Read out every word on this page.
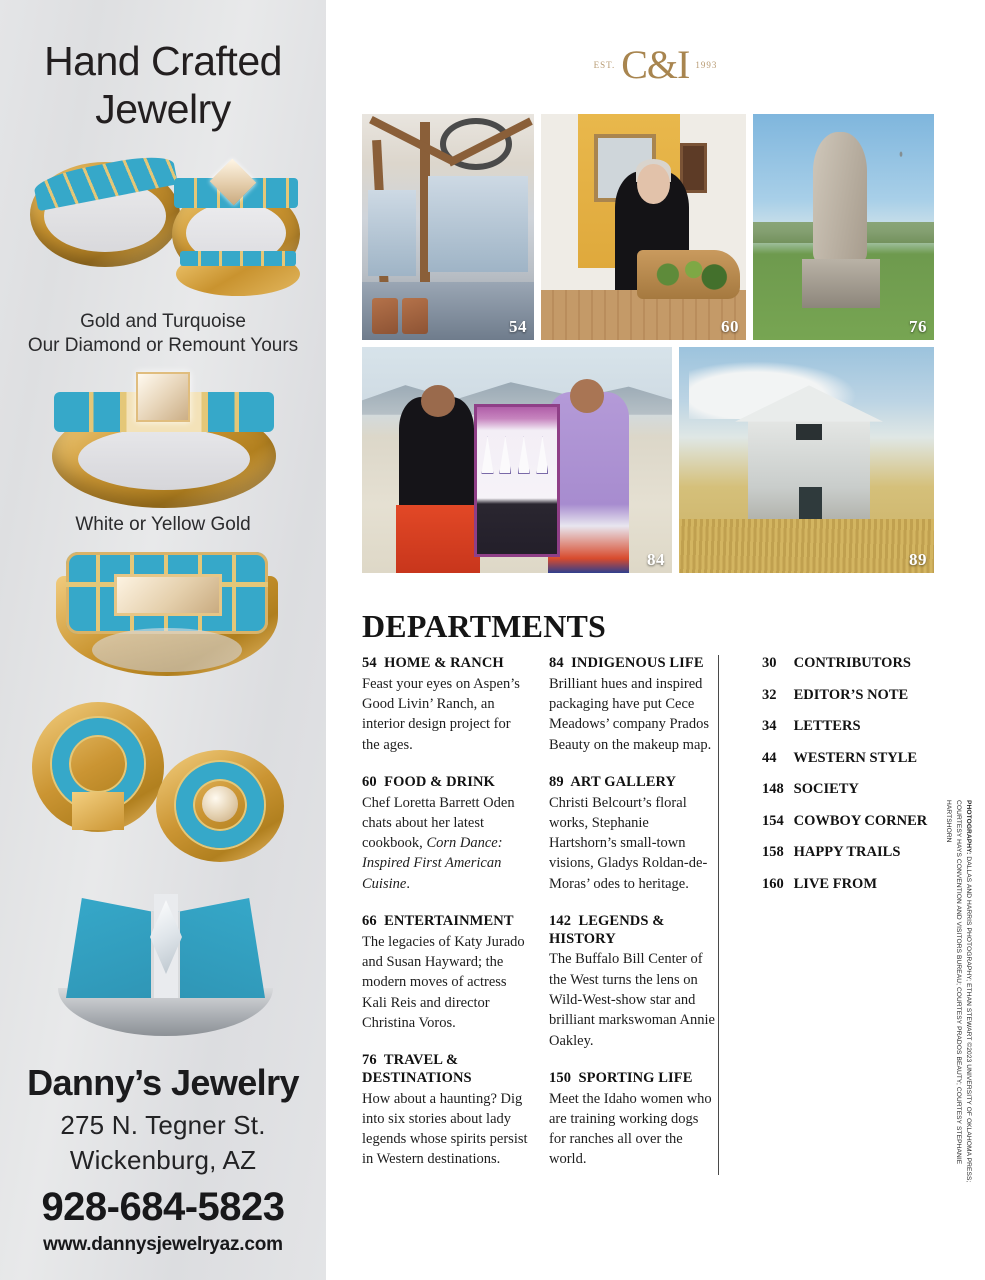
Hand Crafted
Jewelry
Gold and Turquoise
Our Diamond or Remount Yours
White or Yellow Gold
Danny’s Jewelry
275 N. Tegner St.
Wickenburg, AZ
928-684-5823
www.dannysjewelryaz.com
EST. C&I 1993
54	60	76
84	89
DEPARTMENTS
54 HOME & RANCH

Feast your eyes on Aspen’s Good Livin’ Ranch, an interior design project for the ages.

60 FOOD & DRINK

Chef Loretta Barrett Oden chats about her latest cookbook, Corn Dance: Inspired First American Cuisine.

66 ENTERTAINMENT

The legacies of Katy Jurado and Susan Hayward; the modern moves of actress Kali Reis and director Christina Voros.

76 TRAVEL & DESTINATIONS

How about a haunting? Dig into six stories about lady legends whose spirits persist in Western destinations.

84 INDIGENOUS LIFE

Brilliant hues and inspired packaging have put Cece Meadows’ company Prados Beauty on the makeup map.

89 ART GALLERY

Christi Belcourt’s floral works, Stephanie Hartshorn’s small-town visions, Gladys Roldan-de-Moras’ odes to heritage.

142 LEGENDS & HISTORY

The Buffalo Bill Center of the West turns the lens on Wild-West-show star and brilliant markswoman Annie Oakley.

150 SPORTING LIFE

Meet the Idaho women who are training working dogs for ranches all over the world.

30 CONTRIBUTORS
32 EDITOR’S NOTE
34 LETTERS
44 WESTERN STYLE
148 SOCIETY
154 COWBOY CORNER
158 HAPPY TRAILS
160 LIVE FROM
PHOTOGRAPHY: DALLAS AND HARRIS PHOTOGRAPHY; ETHAN STEWART ©2023 UNIVERSITY OF OKLAHOMA PRESS; COURTESY HAYS CONVENTION AND VISITORS BUREAU; COURTESY PRADOS BEAUTY; COURTESY STEPHANIE HARTSHORN
